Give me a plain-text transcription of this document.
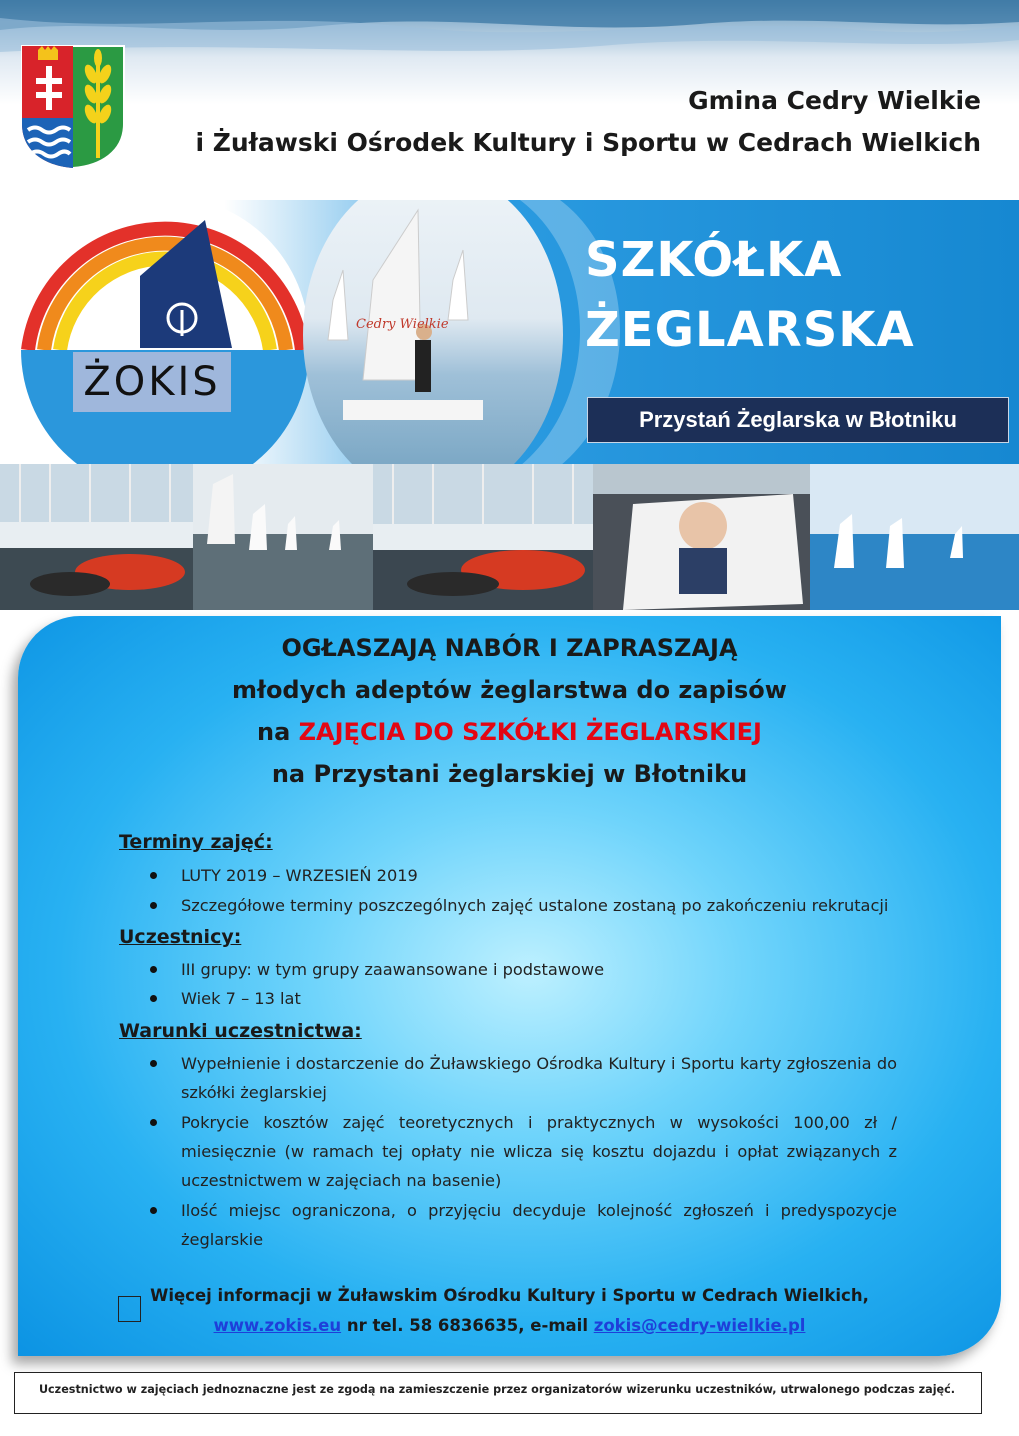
Gmina Cedry Wielkie
i Żuławski Ośrodek Kultury i Sportu w Cedrach Wielkich
Cedry Wielkie
ŻOKIS
SZKÓŁKA
ŻEGLARSKA
Przystań Żeglarska w Błotniku
OGŁASZAJĄ NABÓR I ZAPRASZAJĄ
młodych adeptów żeglarstwa do zapisów
na ZAJĘCIA DO SZKÓŁKI ŻEGLARSKIEJ
na Przystani żeglarskiej w Błotniku
Terminy zajęć:
LUTY 2019 – WRZESIEŃ 2019
Szczegółowe terminy poszczególnych zajęć ustalone zostaną po zakończeniu rekrutacji
Uczestnicy:
III grupy: w tym grupy zaawansowane i podstawowe
Wiek 7 – 13 lat
Warunki uczestnictwa:
Wypełnienie i dostarczenie do Żuławskiego Ośrodka Kultury i Sportu karty zgłoszenia do szkółki żeglarskiej
Pokrycie kosztów zajęć teoretycznych i praktycznych w wysokości 100,00 zł / miesięcznie (w ramach tej opłaty nie wlicza się kosztu dojazdu i opłat związanych z uczestnictwem w zajęciach na basenie)
Ilość miejsc ograniczona, o przyjęciu decyduje kolejność zgłoszeń i predyspozycje żeglarskie
Więcej informacji w Żuławskim Ośrodku Kultury i Sportu w Cedrach Wielkich,
www.zokis.eu nr tel. 58 6836635, e-mail zokis@cedry-wielkie.pl
Uczestnictwo w zajęciach jednoznaczne jest ze zgodą na zamieszczenie przez organizatorów wizerunku uczestników, utrwalonego podczas zajęć.
